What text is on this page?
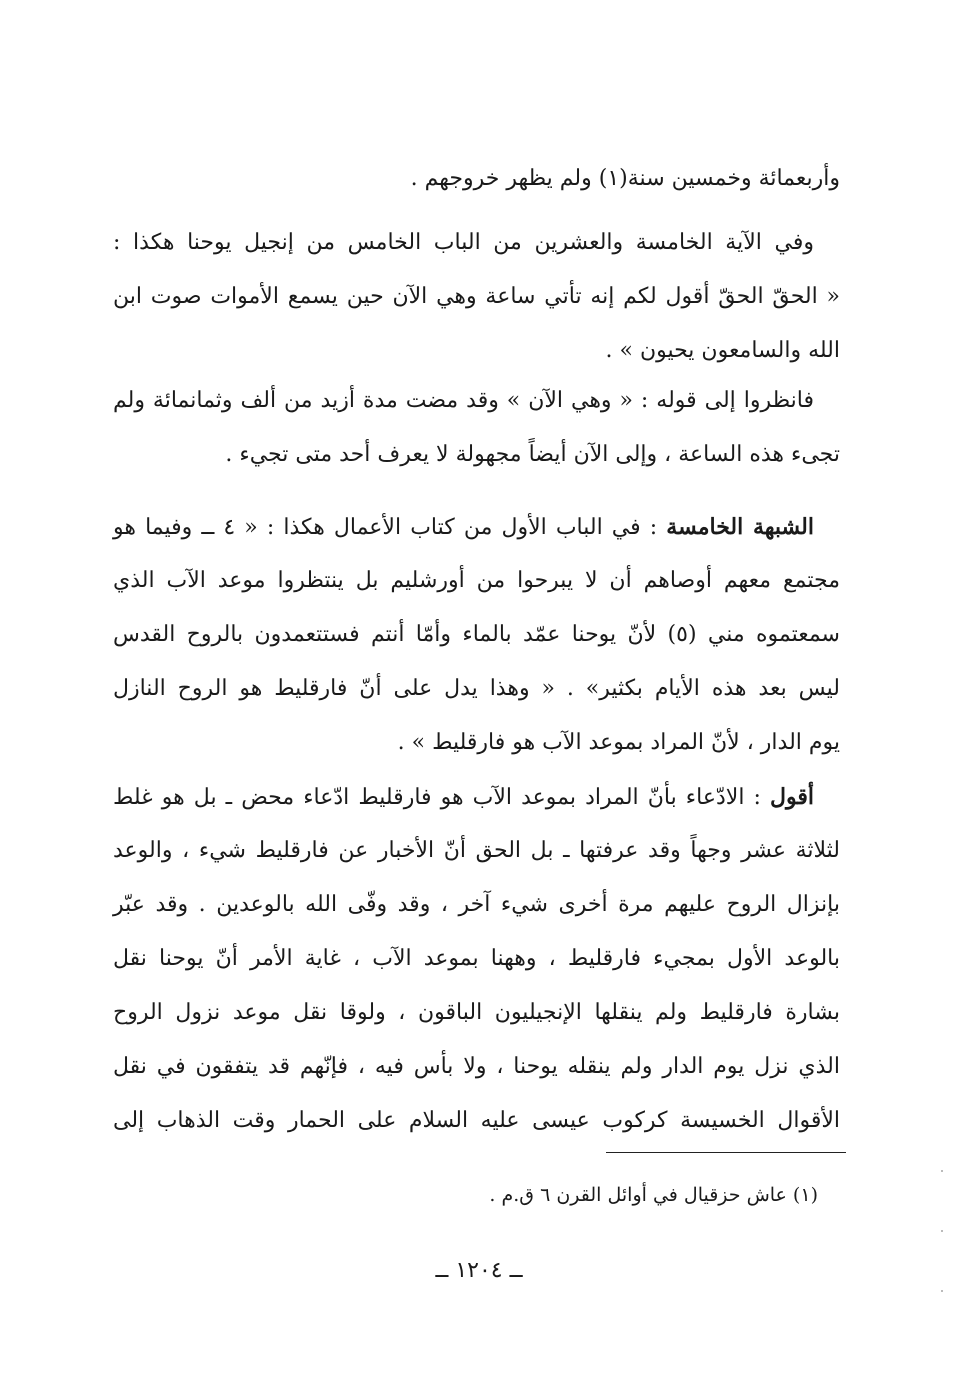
وأربعمائة وخمسين سنة(١) ولم يظهر خروجهم .
وفي الآية الخامسة والعشرين من الباب الخامس من إنجيل يوحنا هكذا :
« الحقّ الحقّ أقول لكم إنه تأتي ساعة وهي الآن حين يسمع الأموات صوت ابن
الله والسامعون يحيون » .
فانظروا إلى قوله : « وهي الآن » وقد مضت مدة أزيد من ألف وثمانمائة ولم
تجىء هذه الساعة ، وإلى الآن أيضاً مجهولة لا يعرف أحد متى تجيء .
الشبهة الخامسة : في الباب الأول من كتاب الأعمال هكذا : « ٤ ــ وفيما هو
مجتمع معهم أوصاهم أن لا يبرحوا من أورشليم بل ينتظروا موعد الآب الذي
سمعتموه مني (٥) لأنّ يوحنا عمّد بالماء وأمّا أنتم فستتعمدون بالروح القدس
ليس بعد هذه الأيام بكثير» . « وهذا يدل على أنّ فارقليط هو الروح النازل
يوم الدار ، لأنّ المراد بموعد الآب هو فارقليط » .
أقول : الادّعاء بأنّ المراد بموعد الآب هو فارقليط ادّعاء محض ـ بل هو غلط
لثلاثة عشر وجهاً وقد عرفتها ـ بل الحق أنّ الأخبار عن فارقليط شيء ، والوعد
بإنزال الروح عليهم مرة أخرى شيء آخر ، وقد وفّى الله بالوعدين . وقد عبّر
بالوعد الأول بمجيء فارقليط ، وههنا بموعد الآب ، غاية الأمر أنّ يوحنا نقل
بشارة فارقليط ولم ينقلها الإنجيليون الباقون ، ولوقا نقل موعد نزول الروح
الذي نزل يوم الدار ولم ينقله يوحنا ، ولا بأس فيه ، فإنّهم قد يتفقون في نقل
الأقوال الخسيسة كركوب عيسى عليه السلام على الحمار وقت الذهاب إلى
(١) عاش حزقيال في أوائل القرن ٦ ق.م .
ــ ١٢٠٤ ــ
